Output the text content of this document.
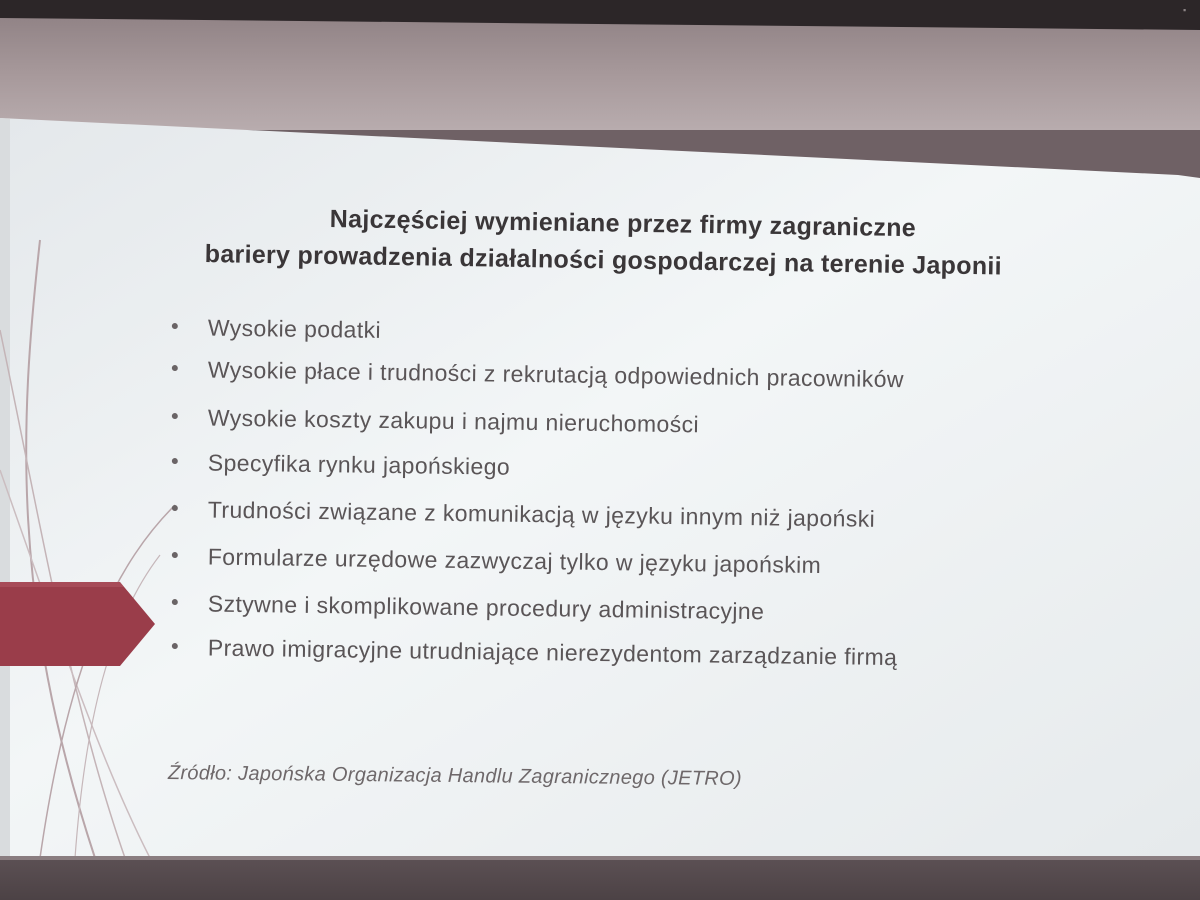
▪
Najczęściej wymieniane przez firmy zagraniczne
bariery prowadzenia działalności gospodarczej na terenie Japonii
Wysokie podatki
Wysokie płace i trudności z rekrutacją odpowiednich pracowników
Wysokie koszty zakupu i najmu nieruchomości
Specyfika rynku japońskiego
Trudności związane z komunikacją w języku innym niż japoński
Formularze urzędowe zazwyczaj tylko w języku japońskim
Sztywne i skomplikowane procedury administracyjne
Prawo imigracyjne utrudniające nierezydentom zarządzanie firmą
Źródło: Japońska Organizacja Handlu Zagranicznego (JETRO)
